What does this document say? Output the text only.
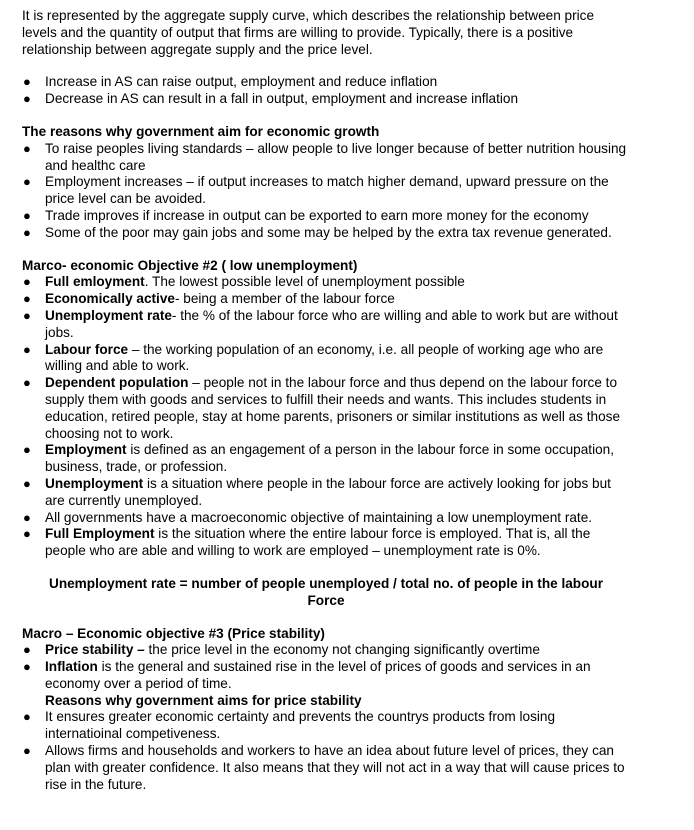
It is represented by the aggregate supply curve, which describes the relationship between price levels and the quantity of output that firms are willing to provide. Typically, there is a positive relationship between aggregate supply and the price level.

● Increase in AS can raise output, employment and reduce inflation
● Decrease in AS can result in a fall in output, employment and increase inflation

The reasons why government aim for economic growth

● To raise peoples living standards – allow people to live longer because of better nutrition housing and healthc care
● Employment increases – if output increases to match higher demand, upward pressure on the price level can be avoided.
● Trade improves if increase in output can be exported to earn more money for the economy
● Some of the poor may gain jobs and some may be helped by the extra tax revenue generated.

Marco- economic Objective #2 ( low unemployment)

● Full emloyment. The lowest possible level of unemployment possible
● Economically active- being a member of the labour force
● Unemployment rate- the % of the labour force who are willing and able to work but are without jobs.
● Labour force – the working population of an economy, i.e. all people of working age who are willing and able to work.
● Dependent population – people not in the labour force and thus depend on the labour force to supply them with goods and services to fulfill their needs and wants. This includes students in education, retired people, stay at home parents, prisoners or similar institutions as well as those choosing not to work.
● Employment is defined as an engagement of a person in the labour force in some occupation, business, trade, or profession.
● Unemployment is a situation where people in the labour force are actively looking for jobs but are currently unemployed.
● All governments have a macroeconomic objective of maintaining a low unemployment rate.
● Full Employment is the situation where the entire labour force is employed. That is, all the people who are able and willing to work are employed – unemployment rate is 0%.

Unemployment rate = number of people unemployed / total no. of people in the labour Force

Macro – Economic objective #3 (Price stability)

● Price stability – the price level in the economy not changing significantly overtime
● Inflation is the general and sustained rise in the level of prices of goods and services in an economy over a period of time.

Reasons why government aims for price stability

● It ensures greater economic certainty and prevents the countrys products from losing internatioinal competiveness.
● Allows firms and households and workers to have an idea about future level of prices, they can plan with greater confidence. It also means that they will not act in a way that will cause prices to rise in the future.
